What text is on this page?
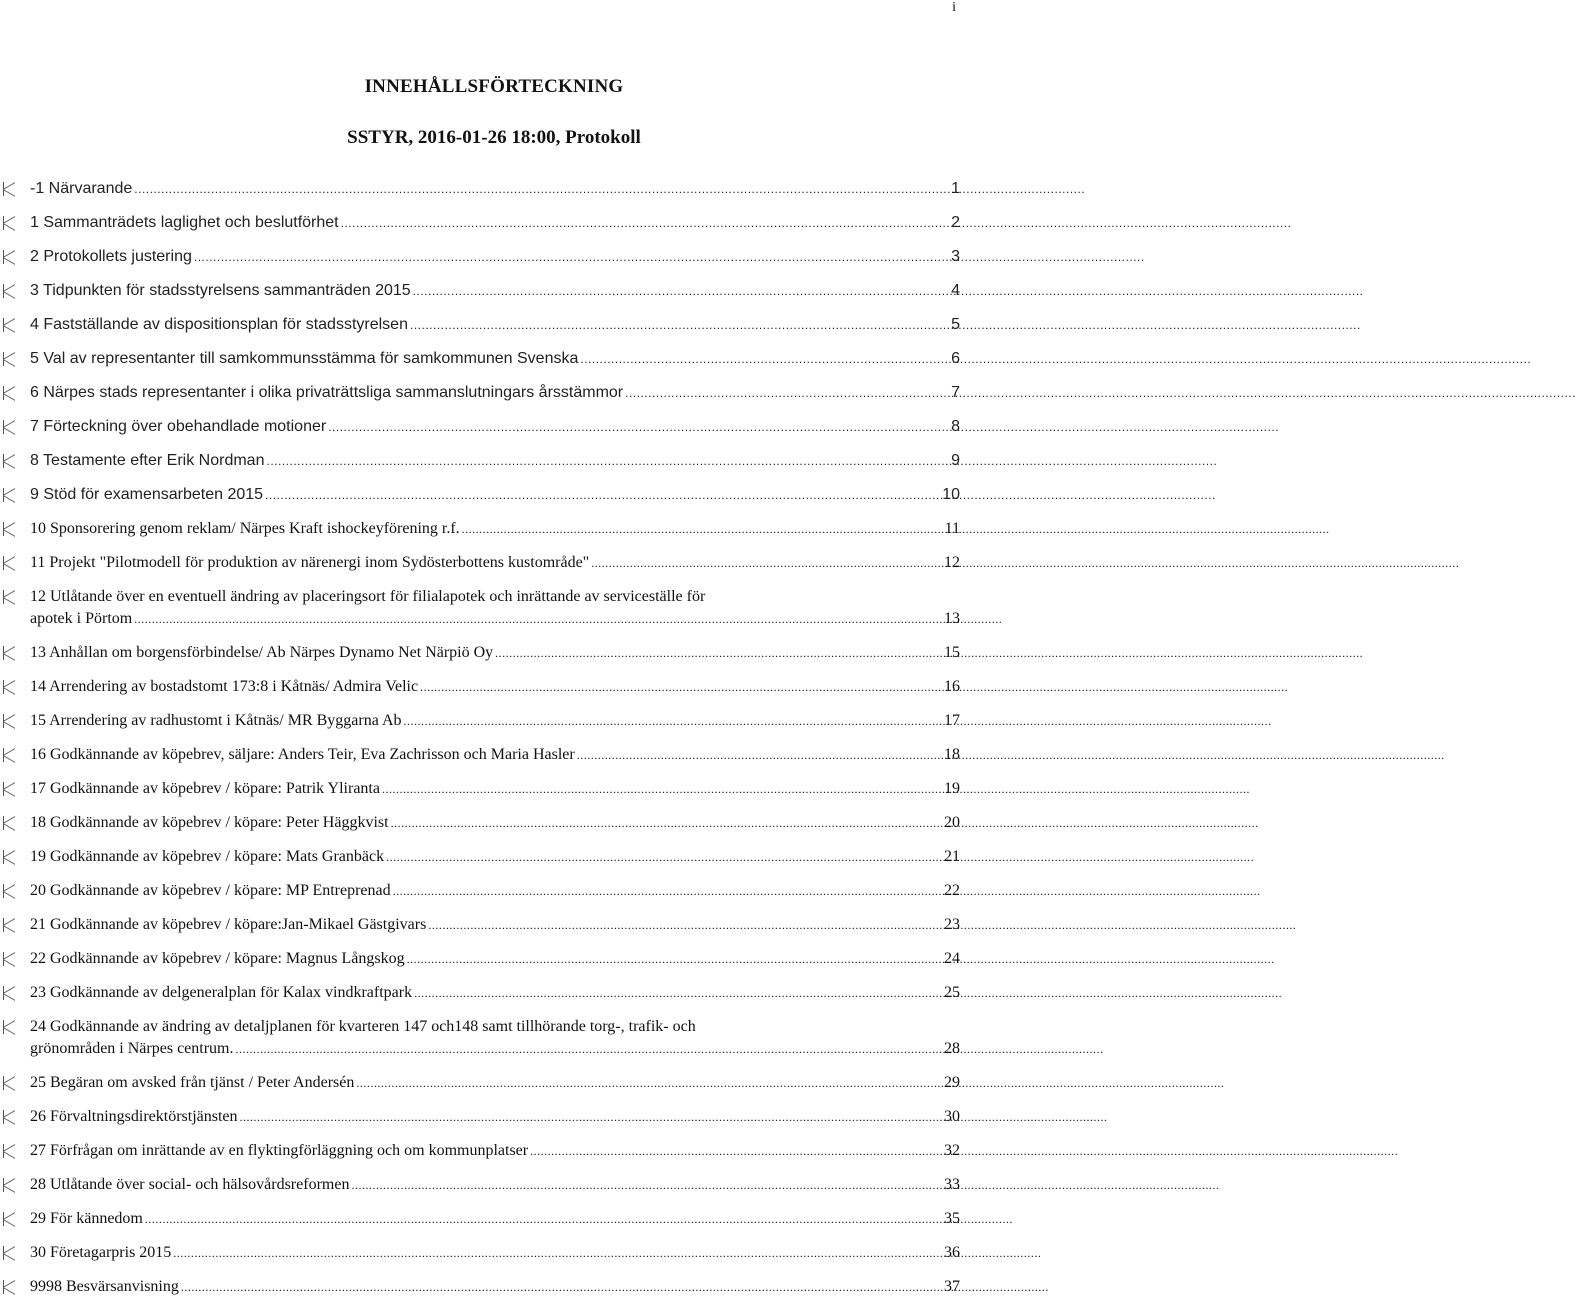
i
INNEHÅLLSFÖRTECKNING
SSTYR, 2016-01-26 18:00, Protokoll
-1 Närvarande .....	1
1 Sammanträdets laglighet och beslutförhet .....	2
2 Protokollets justering .....	3
3 Tidpunkten för stadsstyrelsens sammanträden 2015 .....	4
4 Fastställande av dispositionsplan för stadsstyrelsen .....	5
5 Val av representanter till samkommunsstämma för samkommunen Svenska .....	6
6 Närpes stads representanter i olika privaträttsliga sammanslutningars årsstämmor .....	7
7 Förteckning över obehandlade motioner .....	8
8 Testamente efter Erik Nordman .....	9
9 Stöd för examensarbeten 2015 .....	10
10 Sponsorering genom reklam/ Närpes Kraft ishockeyförening r.f. .....	11
11 Projekt "Pilotmodell för produktion av närenergi inom Sydösterbottens kustområde" .....	12
12 Utlåtande över en eventuell ändring av placeringsort för filialapotek och inrättande av serviceställe för
apotek i Pörtom .....	13
13 Anhållan om borgensförbindelse/ Ab Närpes Dynamo Net Närpiö Oy .....	15
14 Arrendering av bostadstomt 173:8 i Kåtnäs/ Admira Velic .....	16
15 Arrendering av radhustomt i Kåtnäs/ MR Byggarna Ab .....	17
16 Godkännande av köpebrev, säljare: Anders Teir, Eva Zachrisson och Maria Hasler .....	18
17 Godkännande av köpebrev / köpare: Patrik Yliranta .....	19
18 Godkännande av köpebrev / köpare: Peter Häggkvist .....	20
19 Godkännande av köpebrev / köpare: Mats Granbäck .....	21
20 Godkännande av köpebrev / köpare: MP Entreprenad .....	22
21 Godkännande av köpebrev / köpare:Jan-Mikael Gästgivars .....	23
22 Godkännande av köpebrev / köpare: Magnus Långskog .....	24
23 Godkännande av delgeneralplan för Kalax vindkraftpark .....	25
24 Godkännande av ändring av detaljplanen för kvarteren 147 och148 samt tillhörande torg-, trafik- och
grönområden i Närpes centrum. .....	28
25 Begäran om avsked från tjänst / Peter Andersén .....	29
26 Förvaltningsdirektörstjänsten .....	30
27 Förfrågan om inrättande av en flyktingförläggning och om kommunplatser .....	32
28 Utlåtande över social- och hälsovårdsreformen .....	33
29 För kännedom .....	35
30 Företagarpris 2015 .....	36
9998 Besvärsanvisning .....	37
